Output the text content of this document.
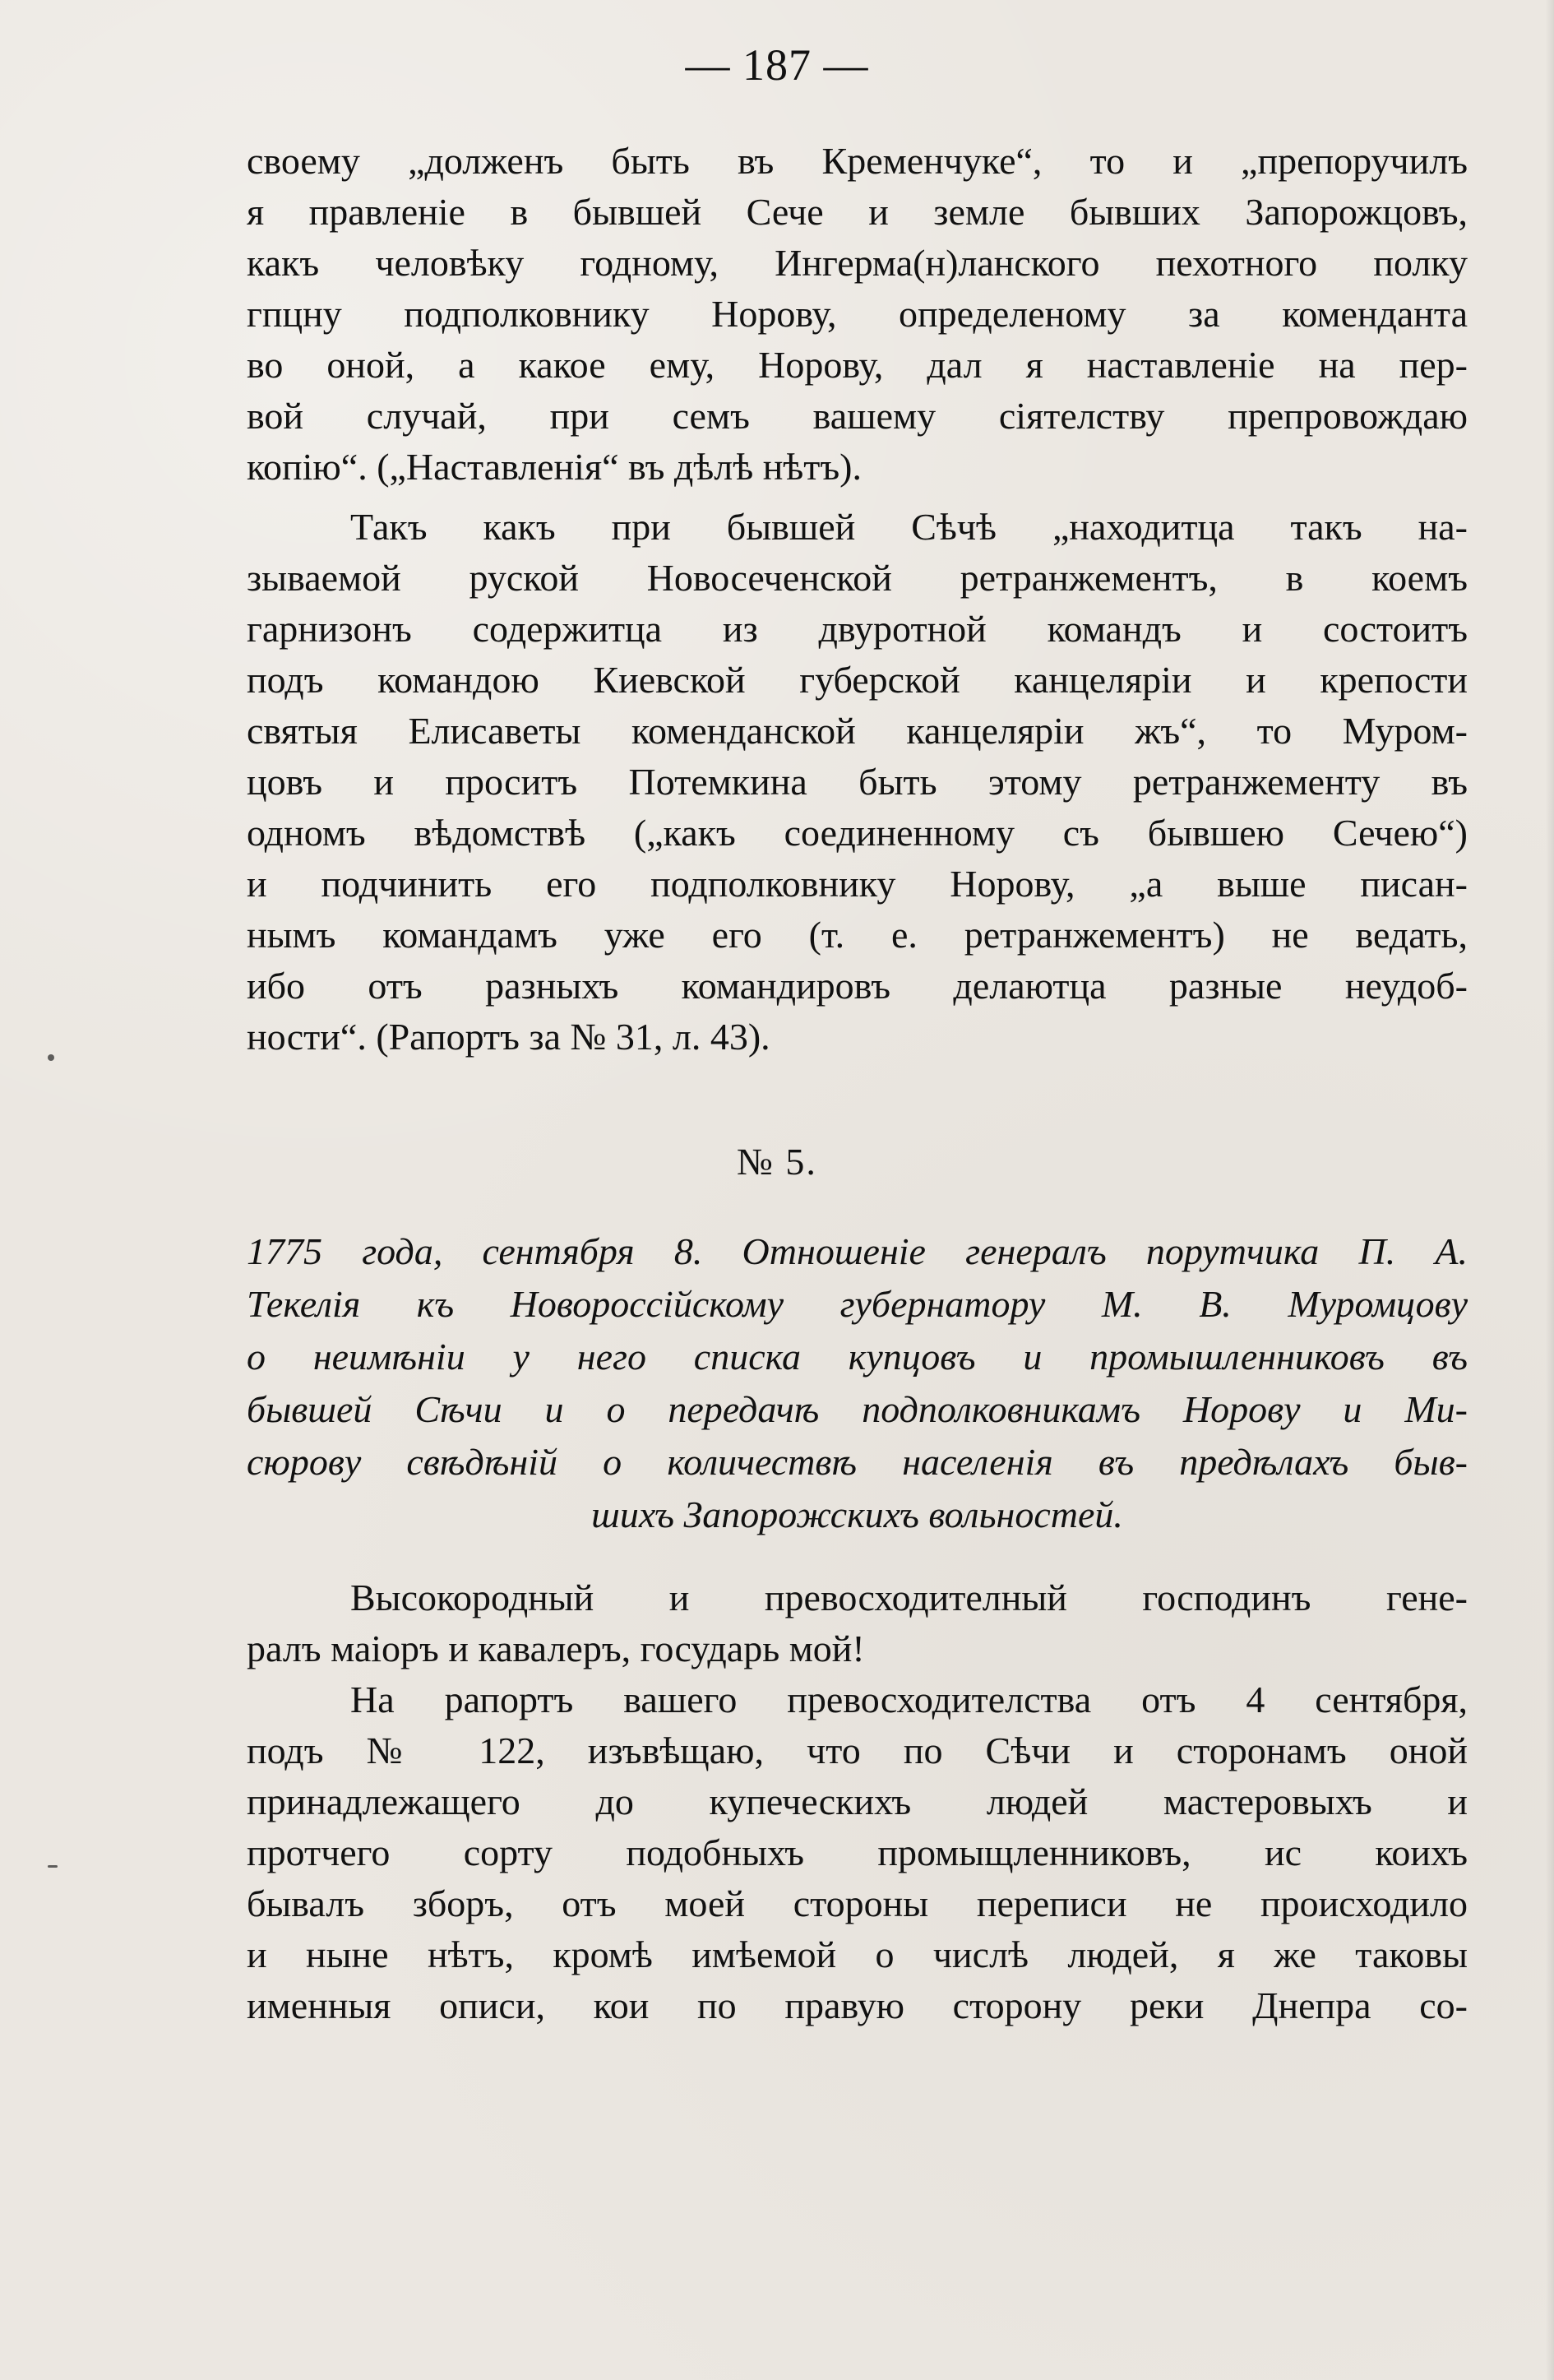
— 187 —
своему „долженъ быть въ Кременчуке“, то и „препоручилъ
я правленіе в бывшей Сече и земле бывших Запорожцовъ,
какъ человѣку годному, Ингерма(н)ланского пехотного полку
гпцну подполковнику Норову, определеному за коменданта
во оной, а какое ему, Норову, дал я наставленіе на пер-
вой случай, при семъ вашему сіятелству препровождаю
копію“. („Наставленія“ въ дѣлѣ нѣтъ).
Такъ какъ при бывшей Сѣчѣ „находитца такъ на-
зываемой руской Новосеченской ретранжементъ, в коемъ
гарнизонъ содержитца из двуротной командъ и состоитъ
подъ командою Киевской губерской канцеляріи и крепости
святыя Елисаветы коменданской канцеляріи жъ“, то Муром-
цовъ и проситъ Потемкина быть этому ретранжементу въ
одномъ вѣдомствѣ („какъ соединенному съ бывшею Сечею“)
и подчинить его подполковнику Норову, „а выше писан-
нымъ командамъ уже его (т. е. ретранжементъ) не ведать,
ибо отъ разныхъ командировъ делаютца разные неудоб-
ности“. (Рапортъ за № 31, л. 43).
№ 5.
1775 года, сентября 8. Отношеніе генералъ порутчика П. А.
Текелія къ Новороссійскому губернатору М. В. Муромцову
о неимѣніи у него списка купцовъ и промышленниковъ въ
бывшей Сѣчи и о передачѣ подполковникамъ Норову и Ми-
сюрову свѣдѣній о количествѣ населенія въ предѣлахъ быв-
шихъ Запорожскихъ вольностей.
Высокородный и превосходителный господинъ гене-
ралъ маіоръ и кавалеръ, государь мой!
На рапортъ вашего превосходителства отъ 4 сентября,
подъ № 122, изъвѣщаю, что по Сѣчи и сторонамъ оной
принадлежащего до купеческихъ людей мастеровыхъ и
протчего сорту подобныхъ промыщленниковъ, ис коихъ
бывалъ зборъ, отъ моей стороны переписи не происходило
и ныне нѣтъ, кромѣ имѣемой о числѣ людей, я же таковы
именныя описи, кои по правую сторону реки Днепра со-
